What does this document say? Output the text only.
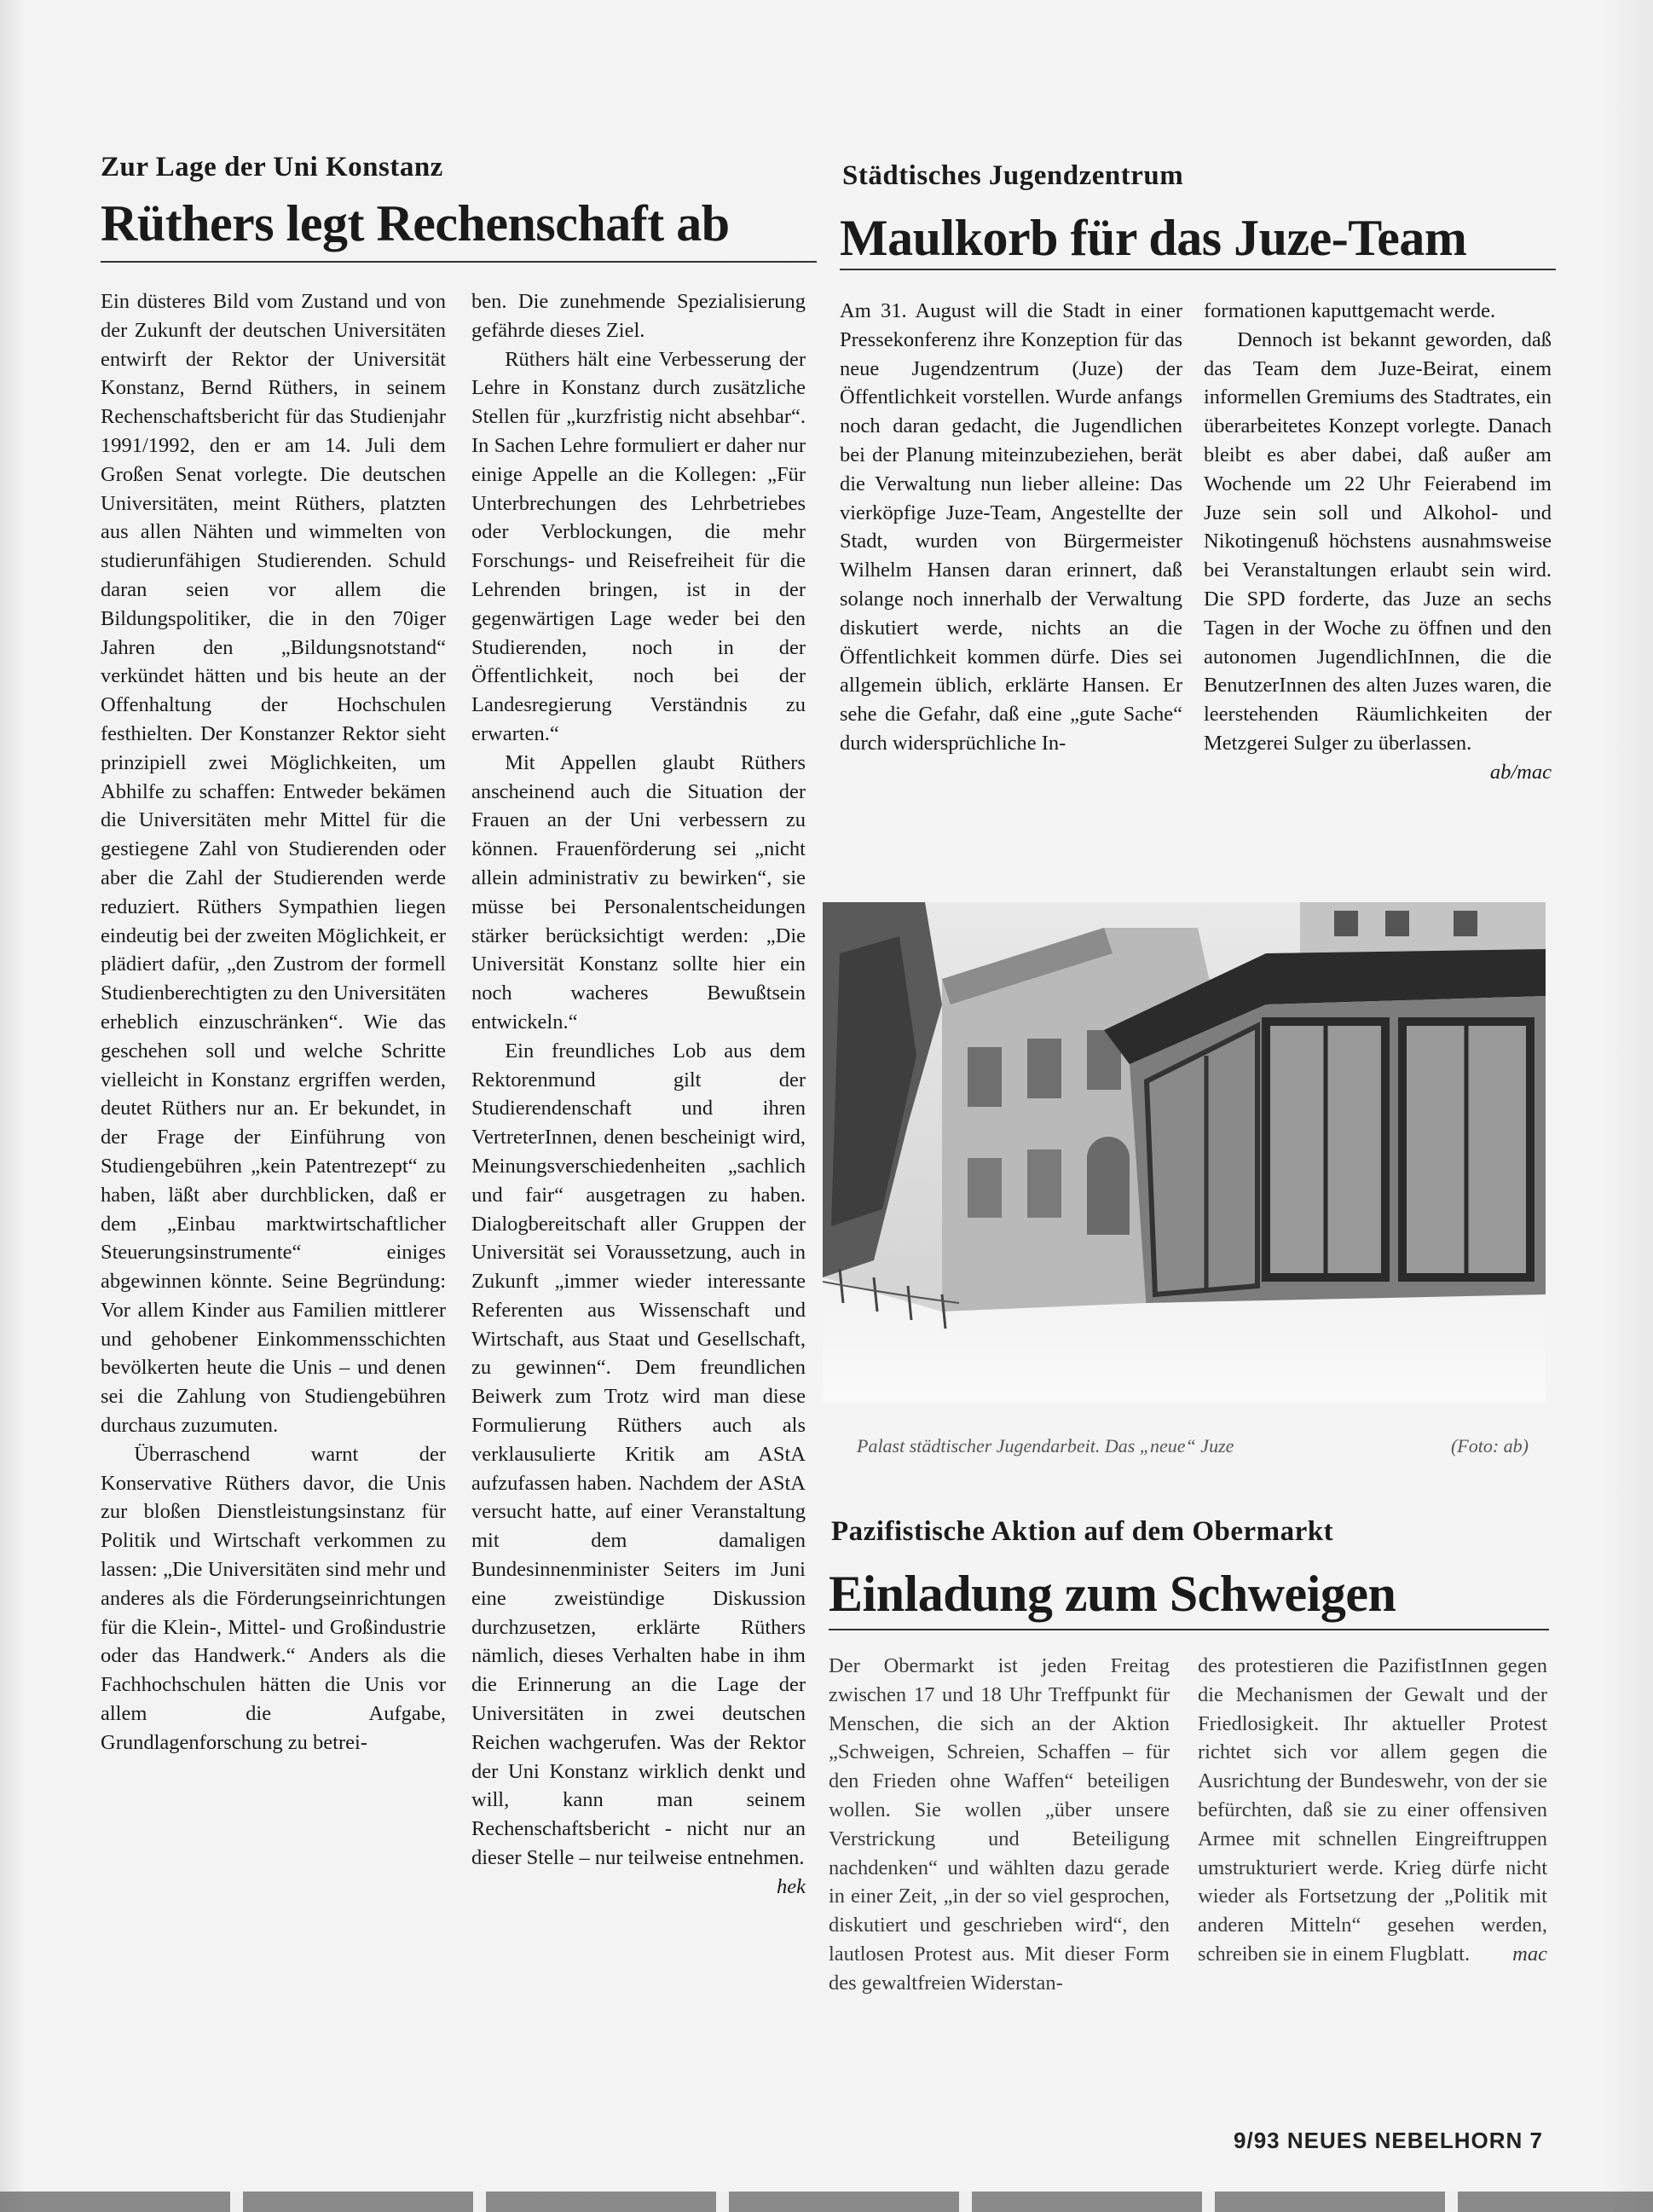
Zur Lage der Uni Konstanz
Rüthers legt Rechenschaft ab

Ein düsteres Bild vom Zustand und von der Zukunft der deutschen Universitäten entwirft der Rektor der Universität Konstanz, Bernd Rüthers, in seinem Rechenschaftsbericht für das Studienjahr 1991/1992, den er am 14. Juli dem Großen Senat vorlegte. Die deutschen Universitäten, meint Rüthers, platzten aus allen Nähten und wimmelten von studierunfähigen Studierenden. Schuld daran seien vor allem die Bildungspolitiker, die in den 70iger Jahren den „Bildungsnotstand“ verkündet hätten und bis heute an der Offenhaltung der Hochschulen festhielten. Der Konstanzer Rektor sieht prinzipiell zwei Möglichkeiten, um Abhilfe zu schaffen: Entweder bekämen die Universitäten mehr Mittel für die gestiegene Zahl von Studierenden oder aber die Zahl der Studierenden werde reduziert. Rüthers Sympathien liegen eindeutig bei der zweiten Möglichkeit, er plädiert dafür, „den Zustrom der formell Studienberechtigten zu den Universitäten erheblich einzuschränken“. Wie das geschehen soll und welche Schritte vielleicht in Konstanz ergriffen werden, deutet Rüthers nur an. Er bekundet, in der Frage der Einführung von Studiengebühren „kein Patentrezept“ zu haben, läßt aber durchblicken, daß er dem „Einbau marktwirtschaftlicher Steuerungsinstrumente“ einiges abgewinnen könnte. Seine Begründung: Vor allem Kinder aus Familien mittlerer und gehobener Einkommensschichten bevölkerten heute die Unis – und denen sei die Zahlung von Studiengebühren durchaus zuzumuten.

Überraschend warnt der Konservative Rüthers davor, die Unis zur bloßen Dienstleistungsinstanz für Politik und Wirtschaft verkommen zu lassen: „Die Universitäten sind mehr und anderes als die Förderungseinrichtungen für die Klein-, Mittel- und Großindustrie oder das Handwerk.“ Anders als die Fachhochschulen hätten die Unis vor allem die Aufgabe, Grundlagenforschung zu betrei-

ben. Die zunehmende Spezialisierung gefährde dieses Ziel.

Rüthers hält eine Verbesserung der Lehre in Konstanz durch zusätzliche Stellen für „kurzfristig nicht absehbar“. In Sachen Lehre formuliert er daher nur einige Appelle an die Kollegen: „Für Unterbrechungen des Lehrbetriebes oder Verblockungen, die mehr Forschungs- und Reisefreiheit für die Lehrenden bringen, ist in der gegenwärtigen Lage weder bei den Studierenden, noch in der Öffentlichkeit, noch bei der Landesregierung Verständnis zu erwarten.“

Mit Appellen glaubt Rüthers anscheinend auch die Situation der Frauen an der Uni verbessern zu können. Frauenförderung sei „nicht allein administrativ zu bewirken“, sie müsse bei Personalentscheidungen stärker berücksichtigt werden: „Die Universität Konstanz sollte hier ein noch wacheres Bewußtsein entwickeln.“

Ein freundliches Lob aus dem Rektorenmund gilt der Studierendenschaft und ihren VertreterInnen, denen bescheinigt wird, Meinungsverschiedenheiten „sachlich und fair“ ausgetragen zu haben. Dialogbereitschaft aller Gruppen der Universität sei Voraussetzung, auch in Zukunft „immer wieder interessante Referenten aus Wissenschaft und Wirtschaft, aus Staat und Gesellschaft, zu gewinnen“. Dem freundlichen Beiwerk zum Trotz wird man diese Formulierung Rüthers auch als verklausulierte Kritik am AStA aufzufassen haben. Nachdem der AStA versucht hatte, auf einer Veranstaltung mit dem damaligen Bundesinnenminister Seiters im Juni eine zweistündige Diskussion durchzusetzen, erklärte Rüthers nämlich, dieses Verhalten habe in ihm die Erinnerung an die Lage der Universitäten in zwei deutschen Reichen wachgerufen. Was der Rektor der Uni Konstanz wirklich denkt und will, kann man seinem Rechenschaftsbericht - nicht nur an dieser Stelle – nur teilweise entnehmen.
hek

Städtisches Jugendzentrum
Maulkorb für das Juze-Team

Am 31. August will die Stadt in einer Pressekonferenz ihre Konzeption für das neue Jugendzentrum (Juze) der Öffentlichkeit vorstellen. Wurde anfangs noch daran gedacht, die Jugendlichen bei der Planung miteinzubeziehen, berät die Verwaltung nun lieber alleine: Das vierköpfige Juze-Team, Angestellte der Stadt, wurden von Bürgermeister Wilhelm Hansen daran erinnert, daß solange noch innerhalb der Verwaltung diskutiert werde, nichts an die Öffentlichkeit kommen dürfe. Dies sei allgemein üblich, erklärte Hansen. Er sehe die Gefahr, daß eine „gute Sache“ durch widersprüchliche In-

formationen kaputtgemacht werde.

Dennoch ist bekannt geworden, daß das Team dem Juze-Beirat, einem informellen Gremiums des Stadtrates, ein überarbeitetes Konzept vorlegte. Danach bleibt es aber dabei, daß außer am Wochende um 22 Uhr Feierabend im Juze sein soll und Alkohol- und Nikotingenuß höchstens ausnahmsweise bei Veranstaltungen erlaubt sein wird. Die SPD forderte, das Juze an sechs Tagen in der Woche zu öffnen und den autonomen JugendlichInnen, die die BenutzerInnen des alten Juzes waren, die leerstehenden Räumlichkeiten der Metzgerei Sulger zu überlassen.
ab/mac

Palast städtischer Jugendarbeit. Das „neue“ Juze	(Foto: ab)
Pazifistische Aktion auf dem Obermarkt
Einladung zum Schweigen

Der Obermarkt ist jeden Freitag zwischen 17 und 18 Uhr Treffpunkt für Menschen, die sich an der Aktion „Schweigen, Schreien, Schaffen – für den Frieden ohne Waffen“ beteiligen wollen. Sie wollen „über unsere Verstrickung und Beteiligung nachdenken“ und wählten dazu gerade in einer Zeit, „in der so viel gesprochen, diskutiert und geschrieben wird“, den lautlosen Protest aus. Mit dieser Form des gewaltfreien Widerstan-

des protestieren die PazifistInnen gegen die Mechanismen der Gewalt und der Friedlosigkeit. Ihr aktueller Protest richtet sich vor allem gegen die Ausrichtung der Bundeswehr, von der sie befürchten, daß sie zu einer offensiven Armee mit schnellen Eingreiftruppen umstrukturiert werde. Krieg dürfe nicht wieder als Fortsetzung der „Politik mit anderen Mitteln“ gesehen werden, schreiben sie in einem Flugblatt.	mac

9/93 NEUES NEBELHORN 7
